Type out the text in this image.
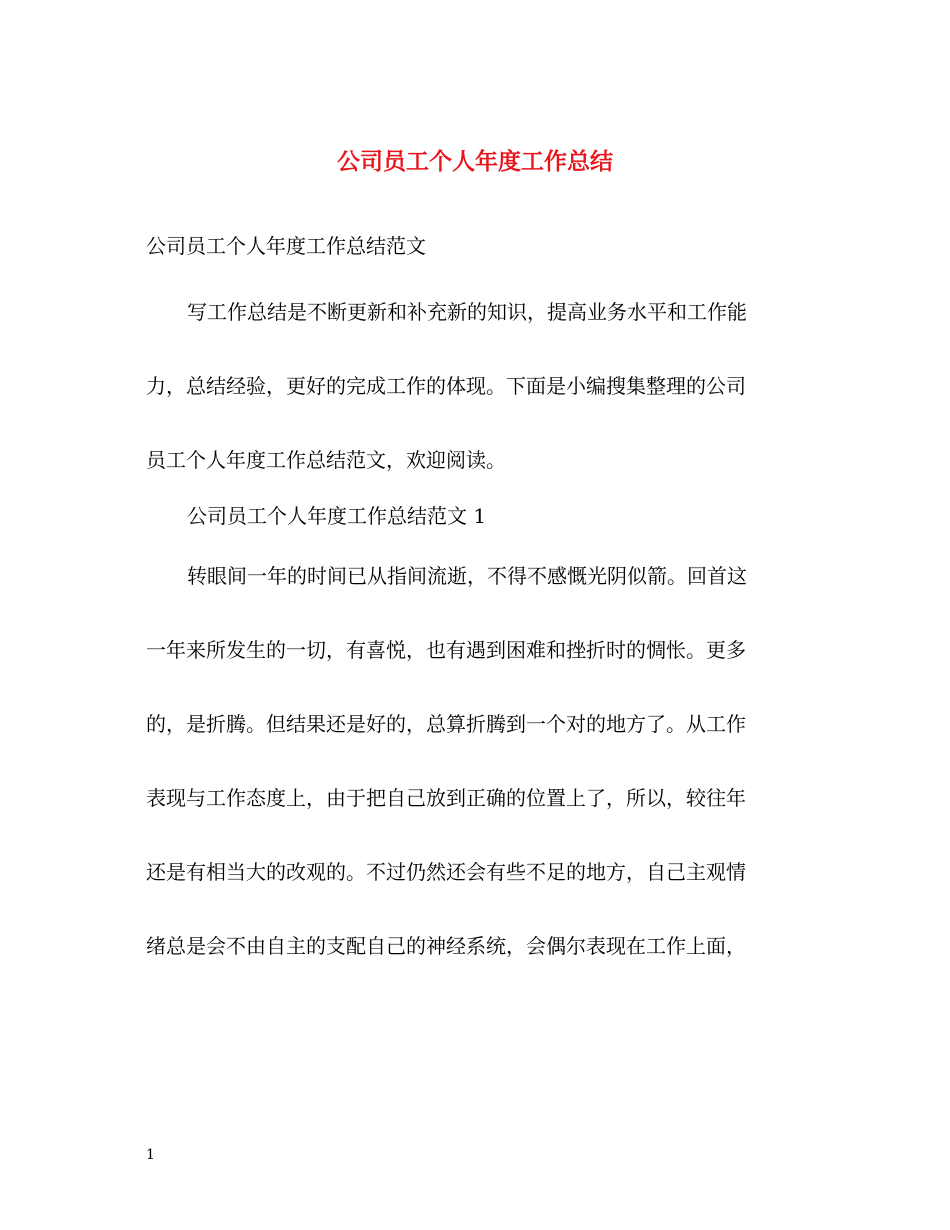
公司员工个人年度工作总结
公司员工个人年度工作总结范文
写工作总结是不断更新和补充新的知识，提高业务水平和工作能
力，总结经验，更好的完成工作的体现。下面是小编搜集整理的公司
员工个人年度工作总结范文，欢迎阅读。
公司员工个人年度工作总结范文 1
转眼间一年的时间已从指间流逝，不得不感慨光阴似箭。回首这
一年来所发生的一切，有喜悦，也有遇到困难和挫折时的惆怅。更多
的，是折腾。但结果还是好的，总算折腾到一个对的地方了。从工作
表现与工作态度上，由于把自己放到正确的位置上了，所以，较往年
还是有相当大的改观的。不过仍然还会有些不足的地方，自己主观情
绪总是会不由自主的支配自己的神经系统，会偶尔表现在工作上面，
1
